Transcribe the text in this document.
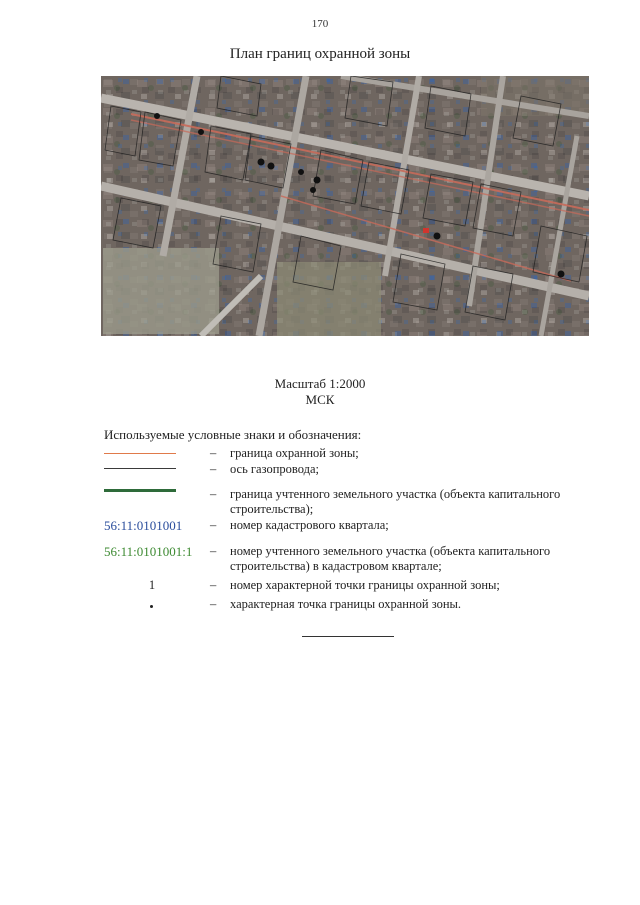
170
План границ охранной зоны
Масштаб 1:2000
МСК
Используемые условные знаки и обозначения:
– граница охранной зоны;
– ось газопровода;
– граница учтенного земельного участка (объекта капитального строительства);
56:11:0101001	– номер кадастрового квартала;
56:11:0101001:1	– номер учтенного земельного участка (объекта капитального строительства) в кадастровом квартале;
1	– номер характерной точки границы охранной зоны;
– характерная точка границы охранной зоны.
